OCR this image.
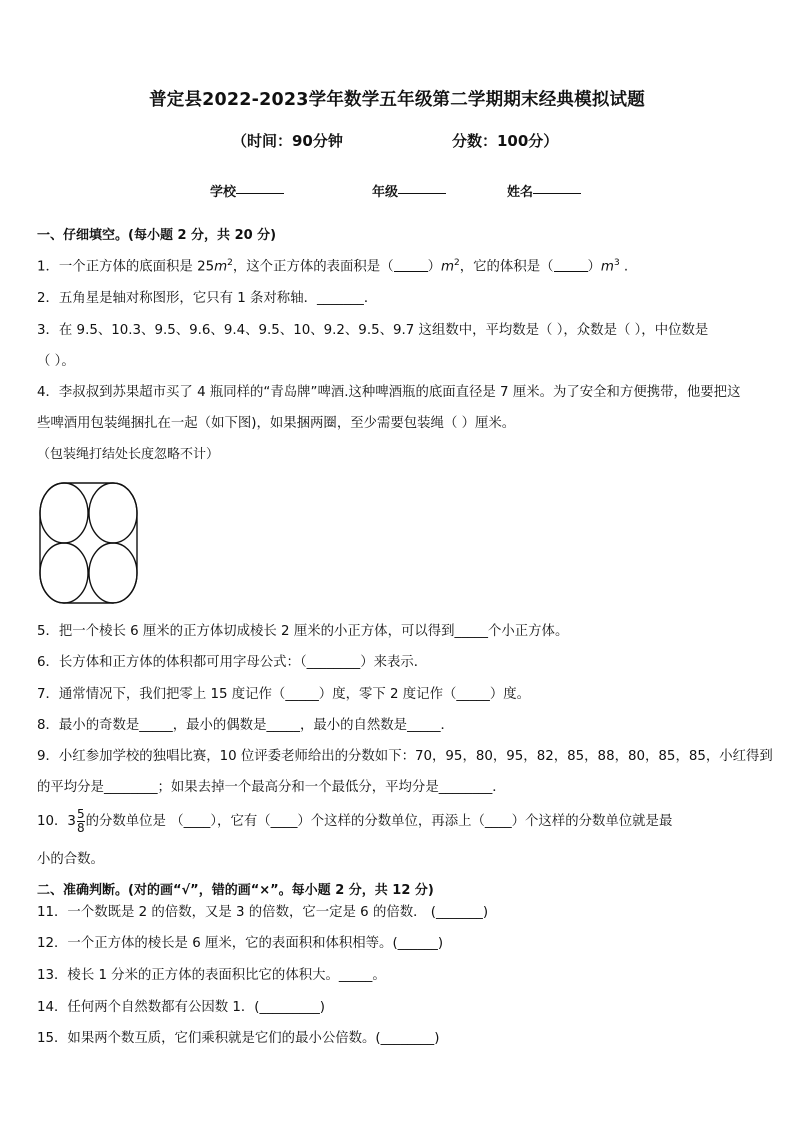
普定县2022-2023学年数学五年级第二学期期末经典模拟试题
（时间：90分钟	分数：100分）
学校	年级	姓名
一、仔细填空。(每小题 2 分，共 20 分)
1．一个正方体的底面积是 $25m^2$，这个正方体的表面积是（	）$m^2$，它的体积是（	）$m^3$ .
2．五角星是轴对称图形，它只有 1 条对称轴．_______．
3．在 9.5、10.3、9.5、9.6、9.4、9.5、10、9.2、9.5、9.7 这组数中，平均数是（ ），众数是（ ），中位数是
（ ）。
4．李叔叔到苏果超市买了 4 瓶同样的“青岛牌”啤酒.这种啤酒瓶的底面直径是 7 厘米。为了安全和方便携带，他要把这
些啤酒用包装绳捆扎在一起（如下图)，如果捆两圈，至少需要包装绳（ ）厘米。
（包装绳打结处长度忽略不计）
5．把一个棱长 6 厘米的正方体切成棱长 2 厘米的小正方体，可以得到_____个小正方体。
6．长方体和正方体的体积都可用字母公式：（________）来表示．
7．通常情况下，我们把零上 15 度记作（_____）度，零下 2 度记作（_____）度。
8．最小的奇数是_____，最小的偶数是_____，最小的自然数是_____．
9．小红参加学校的独唱比赛，10 位评委老师给出的分数如下：70，95，80，95，82，85，88，80，85，85，小红得到
的平均分是________；如果去掉一个最高分和一个最低分，平均分是________．
10．$3 \frac{5}{8}$ 的分数单位是 （____），它有（____）个这样的分数单位，再添上（____）个这样的分数单位就是最
小的合数。
二、准确判断。(对的画“√”，错的画“×”。每小题 2 分，共 12 分)
11．一个数既是 2 的倍数，又是 3 的倍数，它一定是 6 的倍数． (_______)
12．一个正方体的棱长是 6 厘米，它的表面积和体积相等。(______)
13．棱长 1 分米的正方体的表面积比它的体积大。_____。
14．任何两个自然数都有公因数 1．(_________)
15．如果两个数互质，它们乘积就是它们的最小公倍数。(________)
